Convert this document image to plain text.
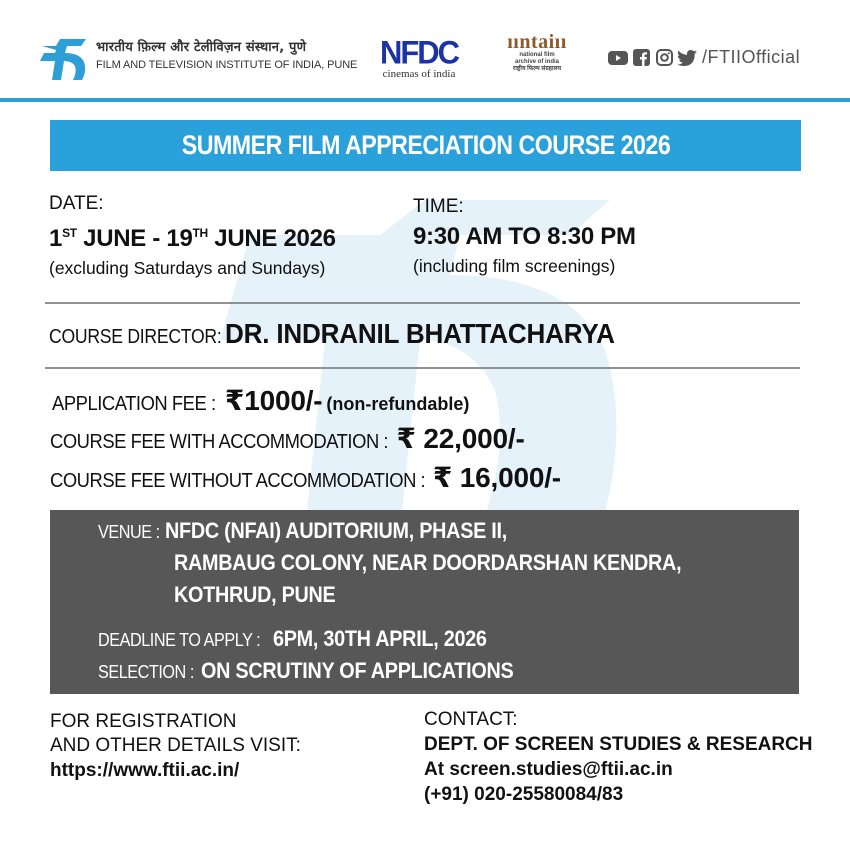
भारतीय फ़िल्म और टेलीविज़न संस्थान, पुणे
FILM AND TELEVISION INSTITUTE OF INDIA, PUNE NFDC
cinemas of india
ııntaiıı
national film
archive of india
राष्ट्रीय फिल्म संग्रहालय
/FTIIOfficial
SUMMER FILM APPRECIATION COURSE 2026
DATE:
1ST JUNE - 19TH JUNE 2026
(excluding Saturdays and Sundays)
TIME:
9:30 AM TO 8:30 PM
(including film screenings)
COURSE DIRECTOR: DR. INDRANIL BHATTACHARYA
APPLICATION FEE : ₹1000/- (non-refundable)
COURSE FEE WITH ACCOMMODATION : ₹ 22,000/-
COURSE FEE WITHOUT ACCOMMODATION : ₹ 16,000/-
VENUE : NFDC (NFAI) AUDITORIUM, PHASE II,
RAMBAUG COLONY, NEAR DOORDARSHAN KENDRA,
KOTHRUD, PUNE
DEADLINE TO APPLY : 6PM, 30TH APRIL, 2026
SELECTION : ON SCRUTINY OF APPLICATIONS
FOR REGISTRATION
AND OTHER DETAILS VISIT:
https://www.ftii.ac.in/
CONTACT:
DEPT. OF SCREEN STUDIES & RESEARCH
At screen.studies@ftii.ac.in
(+91) 020-25580084/83
